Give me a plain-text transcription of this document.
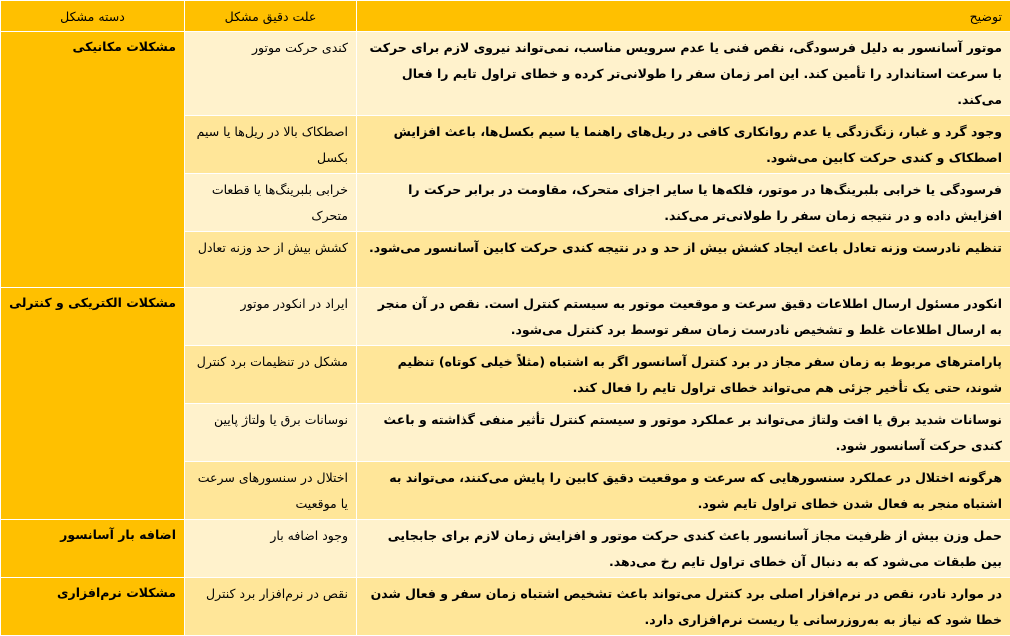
توضیح	علت دقیق مشکل	دسته مشکل
موتور آسانسور به دلیل فرسودگی، نقص فنی یا عدم سرویس مناسب، نمی‌تواند نیروی لازم برای حرکت با سرعت استاندارد را تأمین کند. این امر زمان سفر را طولانی‌تر کرده و خطای تراول تایم را فعال می‌کند.	کندی حرکت موتور	مشکلات مکانیکی
وجود گرد و غبار، زنگ‌زدگی یا عدم روانکاری کافی در ریل‌های راهنما یا سیم بکسل‌ها، باعث افزایش اصطکاک و کندی حرکت کابین می‌شود.	اصطکاک بالا در ریل‌ها یا سیم بکسل	
فرسودگی یا خرابی بلبرینگ‌ها در موتور، فلکه‌ها یا سایر اجزای متحرک، مقاومت در برابر حرکت را افزایش داده و در نتیجه زمان سفر را طولانی‌تر می‌کند.	خرابی بلبرینگ‌ها یا قطعات متحرک	
تنظیم نادرست وزنه تعادل باعث ایجاد کشش بیش از حد و در نتیجه کندی حرکت کابین آسانسور می‌شود.	کشش بیش از حد وزنه تعادل	
انکودر مسئول ارسال اطلاعات دقیق سرعت و موقعیت موتور به سیستم کنترل است. نقص در آن منجر به ارسال اطلاعات غلط و تشخیص نادرست زمان سفر توسط برد کنترل می‌شود.	ایراد در انکودر موتور	مشکلات الکتریکی و کنترلی
پارامترهای مربوط به زمان سفر مجاز در برد کنترل آسانسور اگر به اشتباه (مثلاً خیلی کوتاه) تنظیم شوند، حتی یک تأخیر جزئی هم می‌تواند خطای تراول تایم را فعال کند.	مشکل در تنظیمات برد کنترل	
نوسانات شدید برق یا افت ولتاژ می‌تواند بر عملکرد موتور و سیستم کنترل تأثیر منفی گذاشته و باعث کندی حرکت آسانسور شود.	نوسانات برق یا ولتاژ پایین	
هرگونه اختلال در عملکرد سنسورهایی که سرعت و موقعیت دقیق کابین را پایش می‌کنند، می‌تواند به اشتباه منجر به فعال شدن خطای تراول تایم شود.	اختلال در سنسورهای سرعت یا موقعیت	
حمل وزن بیش از ظرفیت مجاز آسانسور باعث کندی حرکت موتور و افزایش زمان لازم برای جابجایی بین طبقات می‌شود که به دنبال آن خطای تراول تایم رخ می‌دهد.	وجود اضافه بار	اضافه بار آسانسور
در موارد نادر، نقص در نرم‌افزار اصلی برد کنترل می‌تواند باعث تشخیص اشتباه زمان سفر و فعال شدن خطا شود که نیاز به به‌روزرسانی یا ریست نرم‌افزاری دارد.	نقص در نرم‌افزار برد کنترل	مشکلات نرم‌افزاری
